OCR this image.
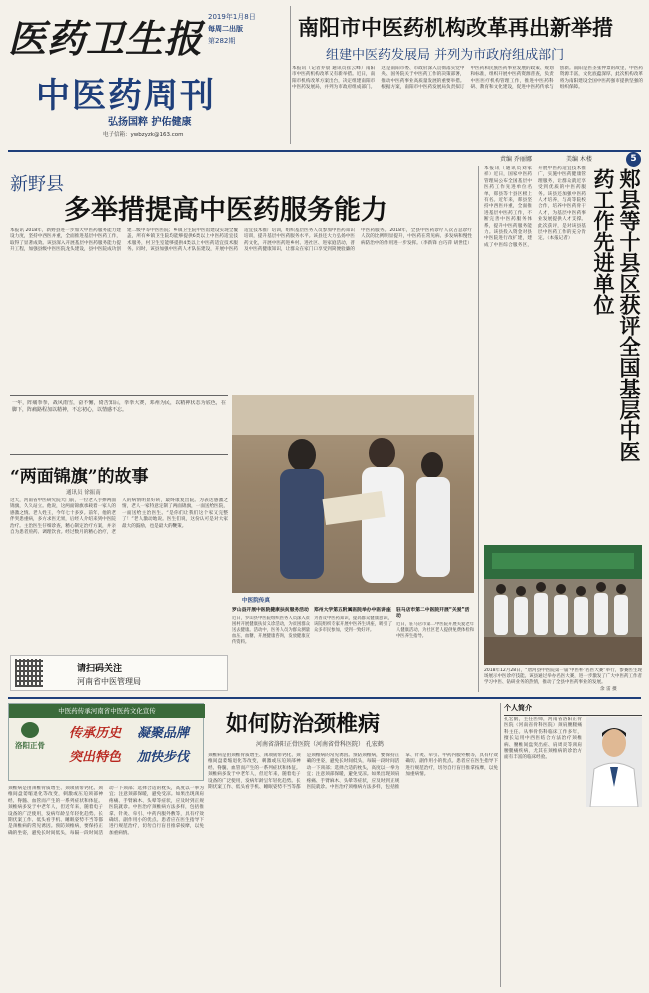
医药卫生报 2019年1月8日
每周二出版
第282期
中医药周刊
弘扬国粹 护佑健康
电子信箱：ywbzyzk@163.com
南阳市中医药机构改革再出新举措
组建中医药发展局 并列为市政府组成部门
本报讯（记者乔晨 通讯员崔云峰）南阳市中医药机构改革又有新举措。近日，南阳市机构改革方案出台，决定组建南阳市中医药发展局，并列为市政府组成部门。这是南阳市委、市政府深入贯彻落实党中央、国务院关于中医药工作的决策部署，推动中医药事业高质量发展的重要举措。根据方案，南阳市中医药发展局负责拟订中医药和民族医药事业发展的政策、规划和标准，组织开展中医药资源普查，负责中医医疗机构管理工作，推进中医药科研、教育和文化建设，促进中医药传承与创新。南阳是医圣张仲景的故里，中医药资源丰富，文化底蕴深厚，此次机构改革将为南阳建设全国中医药强市提供坚强的组织保障。
责编 乔丽娜	美编 木楼	5
新野县
多举措提高中医药服务能力
本报讯 2018年，新野县进一步加大中医药服务能力建设力度，坚持中西医并重，全面推进基层中医药工作，取得了显著成效。该县深入开展基层中医药服务能力提升工程，加强县级中医医院龙头建设，县中医院成功创建二级甲等中医医院；乡镇卫生院中医馆建设实现全覆盖，所有乡镇卫生院均能够提供6类以上中医药适宜技术服务，村卫生室能够提供4类以上中医药适宜技术服务。同时，该县加强中医药人才队伍建设，开展中医药适宜技术推广培训，组织基层医务人员参加中医药知识培训，提升基层中医药服务水平。该县还大力弘扬中医药文化，开展中医药进乡村、进社区、进家庭活动，普及中医药健康知识，让群众在家门口享受到简便验廉的中医药服务。2018年，全县中医药诊疗人次占总诊疗人次的比例明显提升，中医药在常见病、多发病和慢性病防治中的作用进一步发挥。（李新锋 白巧萍 胡世佳）
一年，阵痛拳拳，战风雨雪，奋不懈，倚苦知后，拳拳大赛，邓州为民，以精神状态为底色，在脚下，阵痛路程加以精神，不忘初心，以情感不忘。
“两面锦旗”的故事
通讯员 徐振南
这天，河南省中医研究院大门前，一位老人手捧两面锦旗，久久站立。他说，这两面锦旗承载着一家人的感激之情。老人姓王，今年七十多岁。前年，他的老伴突患重病，多方求医无果，后经人介绍来到中医院治疗。主治医生仔细诊查，精心制定治疗方案，并亲自为患者煎药、调理饮食。经过数月的精心治疗，老人的病情明显好转，最终康复出院。为表达感激之情，老人一家特意定制了两面锦旗，一面送给医院，一面送给主治医生。“是你们让我们这个家又完整了！”老人激动地说。医生们说，这份认可是对大家最大的鼓励，也是最大的鞭策。
中医院传真
罗山县开展中医院健康扶贫服务活动
近日，罗山县中医院组织医务人员深入贫困村开展健康扶贫义诊活动，为贫困群众送去健康。活动中，医务人员为群众测量血压、血糖，开展健康咨询，发放健康宣传资料。
郑州大学第五附属医院举办中医讲座
为普及中医药知识，提高群众健康意识，该院组织专家开展中医养生讲座，吸引了众多市民参加，受到一致好评。
驻马店市第二中医院开展“关爱”活动
近日，驻马店市第二中医院开展关爱老年人健康活动，为社区老人提供免费体检和中医养生指导。
请扫码关注
河南省中医管理局
郏县等十县区获评全国基层中医药工作先进单位
本报讯（通讯员刘家祥）近日，国家中医药管理局公布全国基层中医药工作先进单位名单，郏县等十县区榜上有名。近年来，郏县坚持中西医并重，全面推进基层中医药工作，不断完善中医药服务体系，提升中医药服务能力。该县投入资金对县中医院进行改扩建，建成了中医综合服务区，开展中医药适宜技术推广，实施中医药健康管理服务，让群众就近享受到优质的中医药服务。该县还加强中医药人才培养，与高等院校合作，培养中医药骨干人才，为基层中医药事业发展提供人才支撑。此次获评，是对该县基层中医药工作的充分肯定。（本报记者）
2018年12月28日，“唐河县中医院第一届‘中医杯’名医大赛”举行，参赛医生现场展示中医诊疗技能。该县通过举办名医大赛，进一步激发了广大中医药工作者学习中医、钻研业务的热情，推动了全县中医药事业的发展。
余 雷 摄
中医药传承河南省中医药文化宣传
传承历史 凝聚品牌
突出特色 加快步伐
洛阳正骨
如何防治颈椎病
河南省洛阳正骨医院（河南省骨科医院） 孔宏鹤
颈椎病是由颈椎骨质增生、颈项韧带钙化、颈椎间盘萎缩退化等改变，刺激或压迫颈部神经、脊髓、血管而产生的一系列症状和体征。颈椎病多发于中老年人，但近年来，随着电子设备的广泛使用，发病年龄呈年轻化趋势。长期伏案工作、低头看手机、睡眠姿势不当等都是颈椎病的常见诱因。预防颈椎病，要保持正确的坐姿，避免长时间低头，每隔一段时间活动一下颈部；选择合适的枕头，高度以一拳为宜；注意颈部保暖，避免受凉。如果出现颈肩疼痛、手臂麻木、头晕等症状，应及时到正规医院就诊。中医治疗颈椎病方法多样，包括推拿、针灸、牵引、中药内服外敷等，具有疗效确切、副作用小的优点。患者应在医生指导下进行规范治疗，切勿自行盲目推拿按摩，以免加重病情。
颈椎病是由颈椎骨质增生、颈项韧带钙化、颈椎间盘萎缩退化等改变，刺激或压迫颈部神经、脊髓、血管而产生的一系列症状和体征。颈椎病多发于中老年人，但近年来，随着电子设备的广泛使用，发病年龄呈年轻化趋势。长期伏案工作、低头看手机、睡眠姿势不当等都是颈椎病的常见诱因。预防颈椎病，要保持正确的坐姿，避免长时间低头，每隔一段时间活动一下颈部；选择合适的枕头，高度以一拳为宜；注意颈部保暖，避免受凉。如果出现颈肩疼痛、手臂麻木、头晕等症状，应及时到正规医院就诊。中医治疗颈椎病方法多样，包括推拿、针灸、牵引、中药内服外敷等，具有疗效确切、副作用小的优点。患者应在医生指导下进行规范治疗，切勿自行盲目推拿按摩，以免加重病情。
个人简介
孔宏鹤，主任医师，河南省洛阳正骨医院（河南省骨科医院）颈肩腰腿痛科主任。从事骨伤科临床工作多年，擅长运用中西医结合方法治疗颈椎病、腰椎间盘突出症、肩周炎等颈肩腰腿痛疾病，尤其在颈椎病的诊治方面有丰富的临床经验。
